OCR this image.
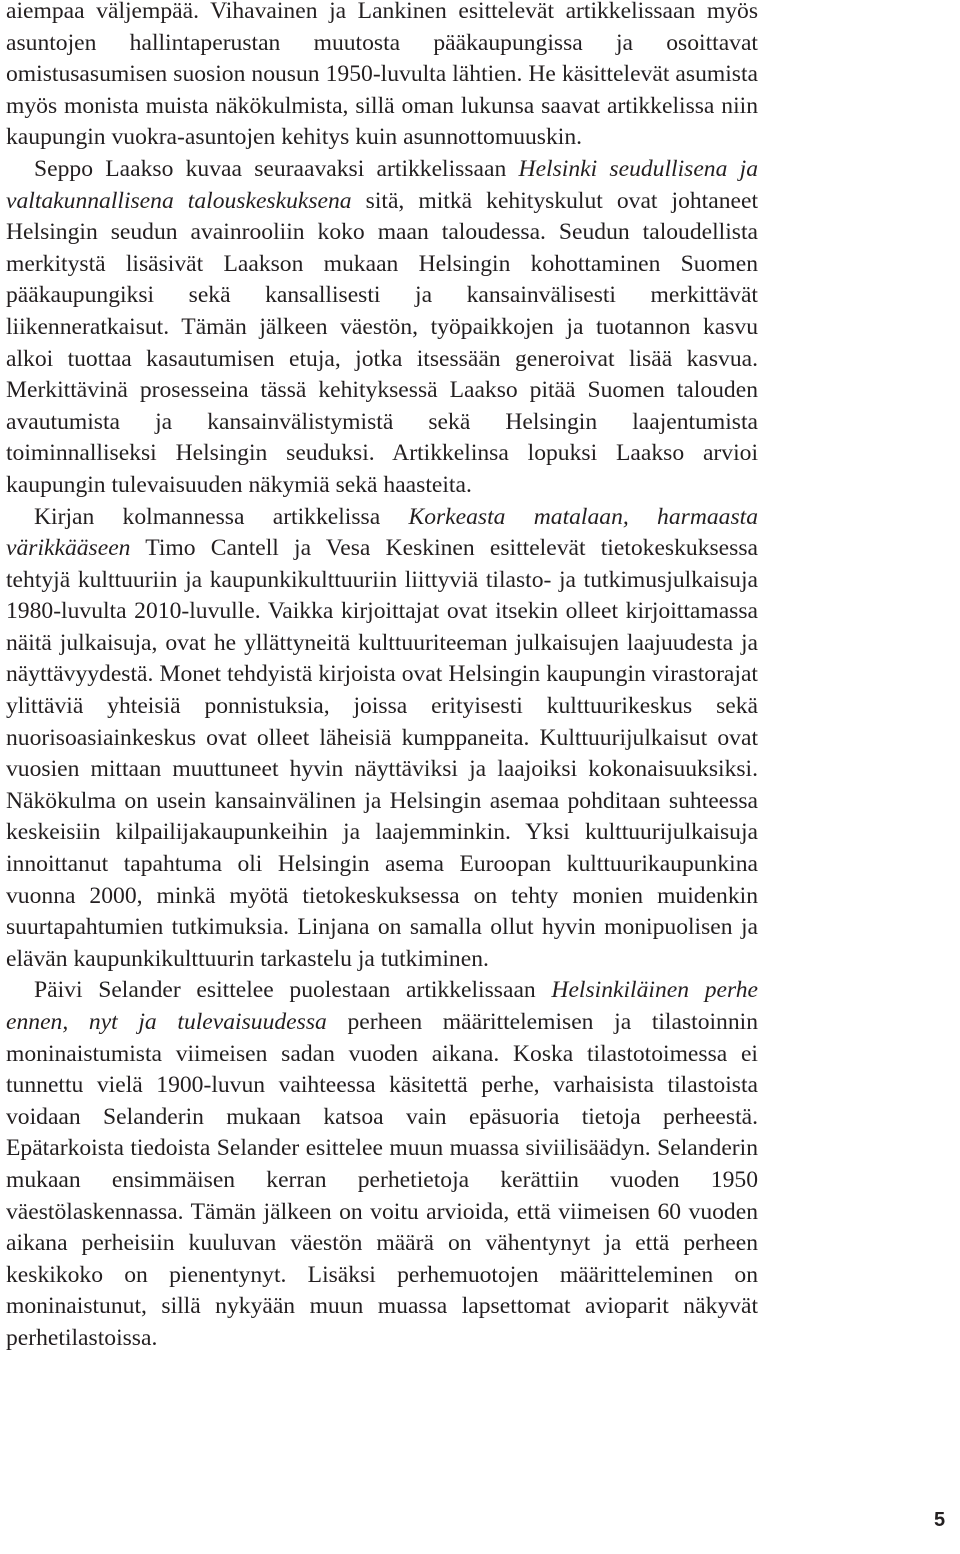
aiempaa väljempää. Vihavainen ja Lankinen esittelevät artikkelissaan myös asuntojen hallintaperustan muutosta pääkaupungissa ja osoittavat omistusasumisen suosion nousun 1950-luvulta lähtien. He käsittelevät asumista myös monista muista näkökulmista, sillä oman lukunsa saavat artikkelissa niin kaupungin vuokra-asuntojen kehitys kuin asunnottomuuskin.

Seppo Laakso kuvaa seuraavaksi artikkelissaan Helsinki seudullisena ja valtakunnallisena talouskeskuksena sitä, mitkä kehityskulut ovat johtaneet Helsingin seudun avainrooliin koko maan taloudessa. Seudun taloudellista merkitystä lisäsivät Laakson mukaan Helsingin kohottaminen Suomen pääkaupungiksi sekä kansallisesti ja kansainvälisesti merkittävät liikenneratkaisut. Tämän jälkeen väestön, työpaikkojen ja tuotannon kasvu alkoi tuottaa kasautumisen etuja, jotka itsessään generoivat lisää kasvua. Merkittävinä prosesseina tässä kehityksessä Laakso pitää Suomen talouden avautumista ja kansainvälistymistä sekä Helsingin laajentumista toiminnalliseksi Helsingin seuduksi. Artikkelinsa lopuksi Laakso arvioi kaupungin tulevaisuuden näkymiä sekä haasteita.

Kirjan kolmannessa artikkelissa Korkeasta matalaan, harmaasta värikkääseen Timo Cantell ja Vesa Keskinen esittelevät tietokeskuksessa tehtyjä kulttuuriin ja kaupunkikulttuuriin liittyviä tilasto- ja tutkimusjulkaisuja 1980-luvulta 2010-luvulle. Vaikka kirjoittajat ovat itsekin olleet kirjoittamassa näitä julkaisuja, ovat he yllättyneitä kulttuuriteeman julkaisujen laajuudesta ja näyttävyydestä. Monet tehdyistä kirjoista ovat Helsingin kaupungin virastorajat ylittäviä yhteisiä ponnistuksia, joissa erityisesti kulttuurikeskus sekä nuorisoasiainkeskus ovat olleet läheisiä kumppaneita. Kulttuurijulkaisut ovat vuosien mittaan muuttuneet hyvin näyttäviksi ja laajoiksi kokonaisuuksiksi. Näkökulma on usein kansainvälinen ja Helsingin asemaa pohditaan suhteessa keskeisiin kilpailijakaupunkeihin ja laajemminkin. Yksi kulttuurijulkaisuja innoittanut tapahtuma oli Helsingin asema Euroopan kulttuurikaupunkina vuonna 2000, minkä myötä tietokeskuksessa on tehty monien muidenkin suurtapahtumien tutkimuksia. Linjana on samalla ollut hyvin monipuolisen ja elävän kaupunkikulttuurin tarkastelu ja tutkiminen.

Päivi Selander esittelee puolestaan artikkelissaan Helsinkiläinen perhe ennen, nyt ja tulevaisuudessa perheen määrittelemisen ja tilastoinnin moninaistumista viimeisen sadan vuoden aikana. Koska tilastotoimessa ei tunnettu vielä 1900-luvun vaihteessa käsitettä perhe, varhaisista tilastoista voidaan Selanderin mukaan katsoa vain epäsuoria tietoja perheestä. Epätarkoista tiedoista Selander esittelee muun muassa siviilisäädyn. Selanderin mukaan ensimmäisen kerran perhetietoja kerättiin vuoden 1950 väestölaskennassa. Tämän jälkeen on voitu arvioida, että viimeisen 60 vuoden aikana perheisiin kuuluvan väestön määrä on vähentynyt ja että perheen keskikoko on pienentynyt. Lisäksi perhemuotojen määritteleminen on moninaistunut, sillä nykyään muun muassa lapsettomat avioparit näkyvät perhetilastoissa.

5
